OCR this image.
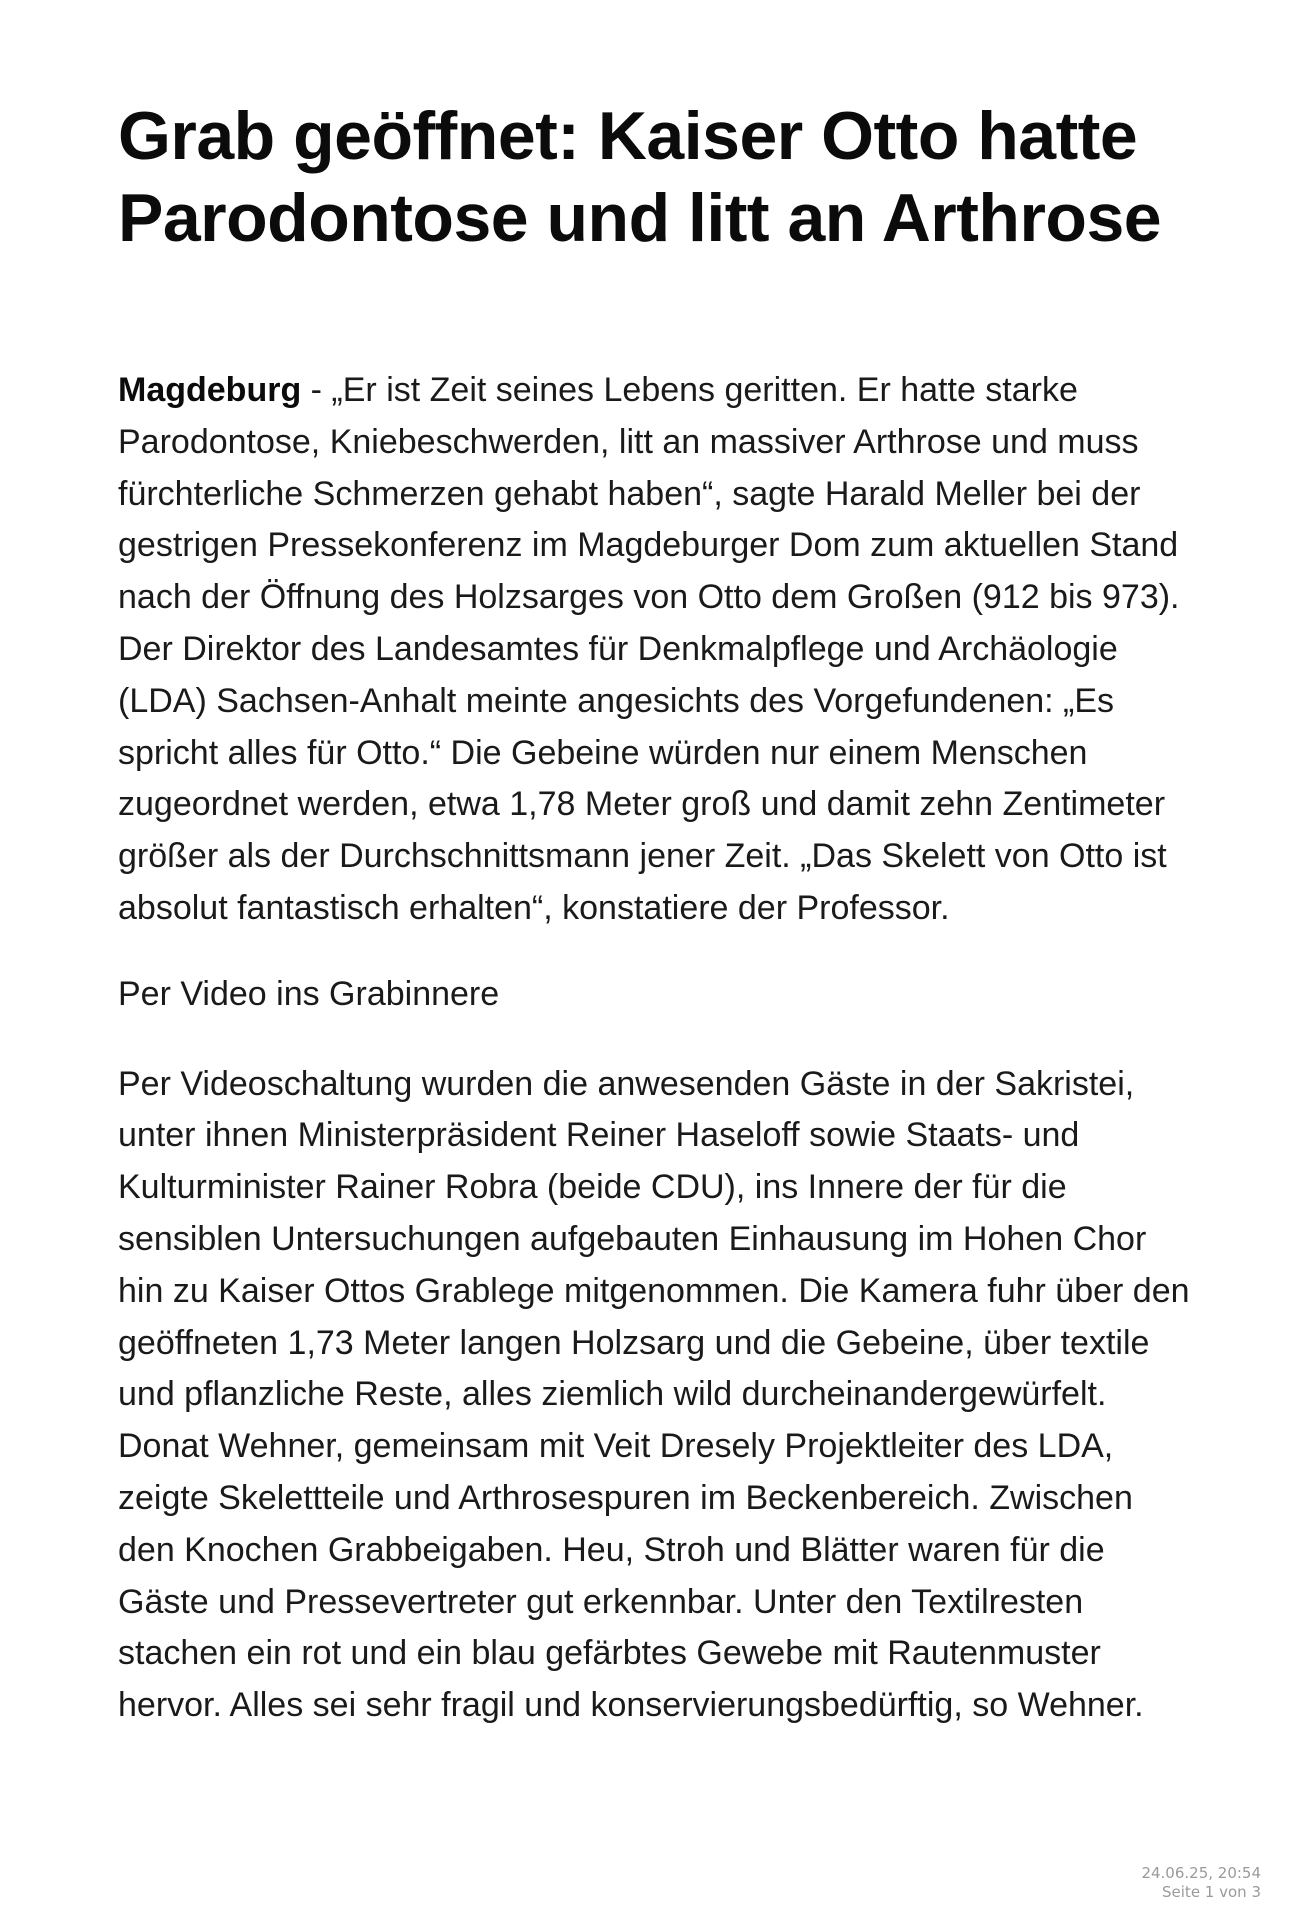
Grab geöffnet: Kaiser Otto hatte Parodontose und litt an Arthrose

Magdeburg - „Er ist Zeit seines Lebens geritten. Er hatte starke Parodontose, Kniebeschwerden, litt an massiver Arthrose und muss fürchterliche Schmerzen gehabt haben“, sagte Harald Meller bei der gestrigen Pressekonferenz im Magdeburger Dom zum aktuellen Stand nach der Öffnung des Holzsarges von Otto dem Großen (912 bis 973). Der Direktor des Landesamtes für Denkmalpflege und Archäologie (LDA) Sachsen-Anhalt meinte angesichts des Vorgefundenen: „Es spricht alles für Otto.“ Die Gebeine würden nur einem Menschen zugeordnet werden, etwa 1,78 Meter groß und damit zehn Zentimeter größer als der Durchschnittsmann jener Zeit. „Das Skelett von Otto ist absolut fantastisch erhalten“, konstatiere der Professor.

Per Video ins Grabinnere

Per Videoschaltung wurden die anwesenden Gäste in der Sakristei, unter ihnen Ministerpräsident Reiner Haseloff sowie Staats- und Kulturminister Rainer Robra (beide CDU), ins Innere der für die sensiblen Untersuchungen aufgebauten Einhausung im Hohen Chor hin zu Kaiser Ottos Grablege mitgenommen. Die Kamera fuhr über den geöffneten 1,73 Meter langen Holzsarg und die Gebeine, über textile und pflanzliche Reste, alles ziemlich wild durcheinandergewürfelt. Donat Wehner, gemeinsam mit Veit Dresely Projektleiter des LDA, zeigte Skelettteile und Arthrosespuren im Beckenbereich. Zwischen den Knochen Grabbeigaben. Heu, Stroh und Blätter waren für die Gäste und Pressevertreter gut erkennbar. Unter den Textilresten stachen ein rot und ein blau gefärbtes Gewebe mit Rautenmuster hervor. Alles sei sehr fragil und konservierungsbedürftig, so Wehner.

24.06.25, 20:54
Seite 1 von 3
